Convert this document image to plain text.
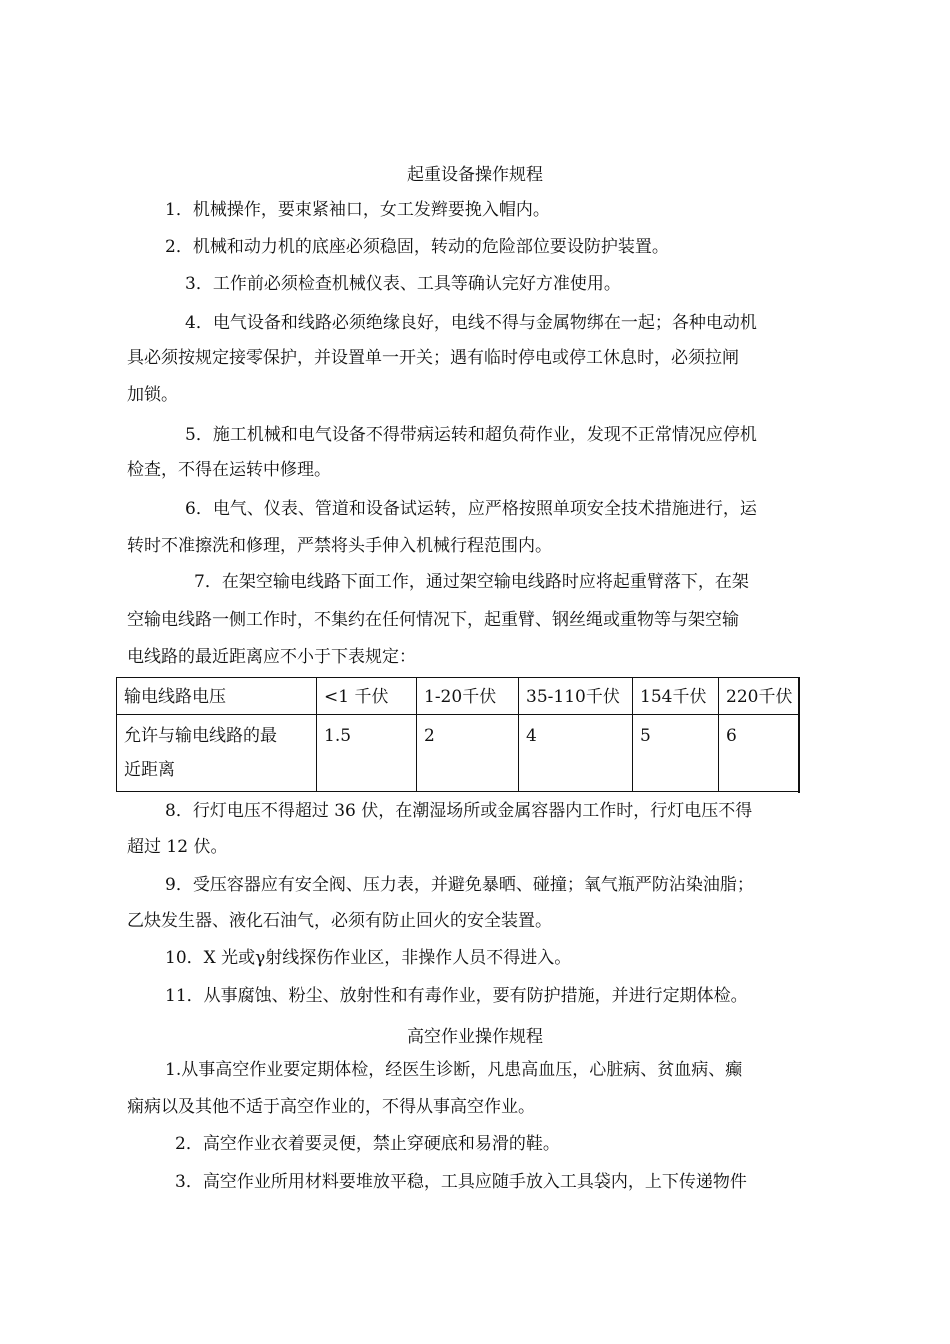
起重设备操作规程
1．机械操作，要束紧袖口，女工发辫要挽入帽内。
2．机械和动力机的底座必须稳固，转动的危险部位要设防护装置。
3．工作前必须检查机械仪表、工具等确认完好方准使用。
4．电气设备和线路必须绝缘良好，电线不得与金属物绑在一起；各种电动机
具必须按规定接零保护，并设置单一开关；遇有临时停电或停工休息时，必须拉闸
加锁。
5．施工机械和电气设备不得带病运转和超负荷作业，发现不正常情况应停机
检查，不得在运转中修理。
6．电气、仪表、管道和设备试运转，应严格按照单项安全技术措施进行，运
转时不准擦洗和修理，严禁将头手伸入机械行程范围内。
7．在架空输电线路下面工作，通过架空输电线路时应将起重臂落下，在架
空输电线路一侧工作时，不集约在任何情况下，起重臂、钢丝绳或重物等与架空输
电线路的最近距离应不小于下表规定：
输电线路电压	<1 千伏	1-20千伏	35-110千伏	154千伏	220千伏

允许与输电线路的最
近距离	1.5	2	4	5	6
8．行灯电压不得超过 36 伏，在潮湿场所或金属容器内工作时，行灯电压不得
超过 12 伏。
9．受压容器应有安全阀、压力表，并避免暴晒、碰撞；氧气瓶严防沾染油脂；
乙炔发生器、液化石油气，必须有防止回火的安全装置。
10．X 光或γ射线探伤作业区，非操作人员不得进入。
11．从事腐蚀、粉尘、放射性和有毒作业，要有防护措施，并进行定期体检。
高空作业操作规程
1.从事高空作业要定期体检，经医生诊断，凡患高血压，心脏病、贫血病、癫
痫病以及其他不适于高空作业的，不得从事高空作业。
2．高空作业衣着要灵便，禁止穿硬底和易滑的鞋。
3．高空作业所用材料要堆放平稳，工具应随手放入工具袋内，上下传递物件
